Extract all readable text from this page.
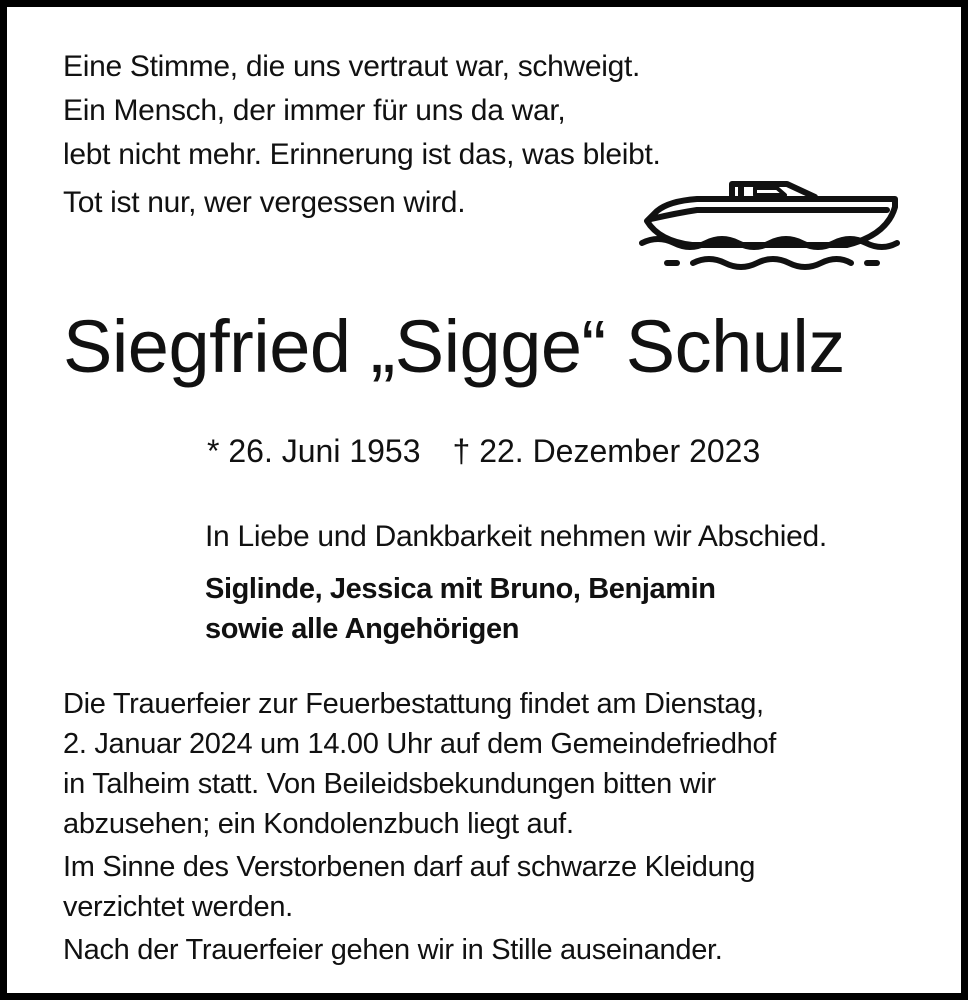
Eine Stimme, die uns vertraut war, schweigt.
Ein Mensch, der immer für uns da war,
lebt nicht mehr. Erinnerung ist das, was bleibt.
Tot ist nur, wer vergessen wird.
Siegfried „Sigge“ Schulz
* 26. Juni 1953 † 22. Dezember 2023
In Liebe und Dankbarkeit nehmen wir Abschied.
Siglinde, Jessica mit Bruno, Benjamin
sowie alle Angehörigen
Die Trauerfeier zur Feuerbestattung findet am Dienstag,
2. Januar 2024 um 14.00 Uhr auf dem Gemeindefriedhof
in Talheim statt. Von Beileidsbekundungen bitten wir
abzusehen; ein Kondolenzbuch liegt auf.
Im Sinne des Verstorbenen darf auf schwarze Kleidung
verzichtet werden.
Nach der Trauerfeier gehen wir in Stille auseinander.
